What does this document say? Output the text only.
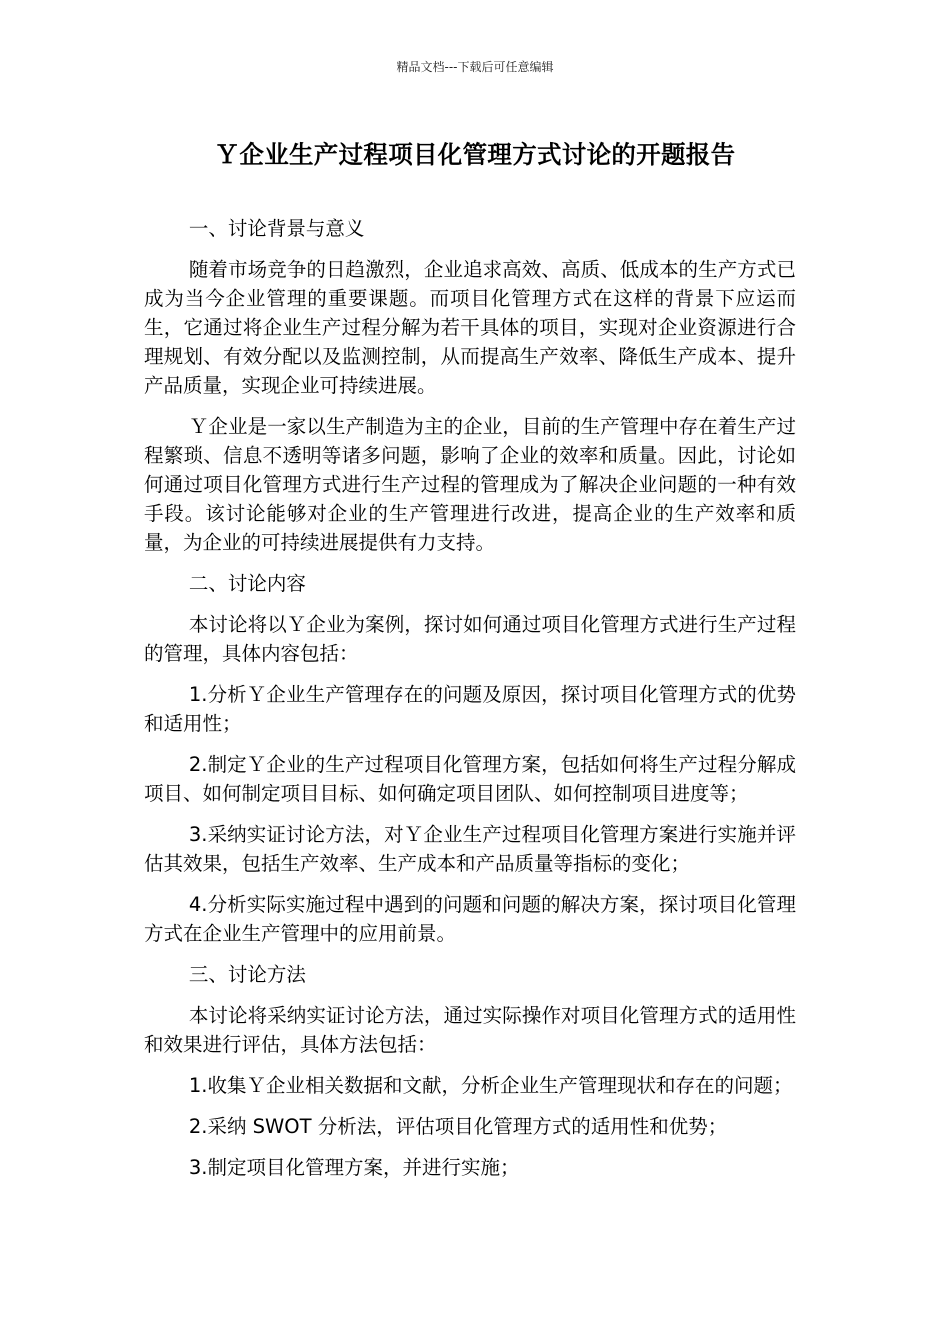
精品文档---下载后可任意编辑
Ｙ企业生产过程项目化管理方式讨论的开题报告

一、讨论背景与意义

随着市场竞争的日趋激烈，企业追求高效、高质、低成本的生产方式已成为当今企业管理的重要课题。而项目化管理方式在这样的背景下应运而生，它通过将企业生产过程分解为若干具体的项目，实现对企业资源进行合理规划、有效分配以及监测控制，从而提高生产效率、降低生产成本、提升产品质量，实现企业可持续进展。

Ｙ企业是一家以生产制造为主的企业，目前的生产管理中存在着生产过程繁琐、信息不透明等诸多问题，影响了企业的效率和质量。因此，讨论如何通过项目化管理方式进行生产过程的管理成为了解决企业问题的一种有效手段。该讨论能够对企业的生产管理进行改进，提高企业的生产效率和质量，为企业的可持续进展提供有力支持。

二、讨论内容

本讨论将以Ｙ企业为案例，探讨如何通过项目化管理方式进行生产过程的管理，具体内容包括：

1.分析Ｙ企业生产管理存在的问题及原因，探讨项目化管理方式的优势和适用性；

2.制定Ｙ企业的生产过程项目化管理方案，包括如何将生产过程分解成项目、如何制定项目目标、如何确定项目团队、如何控制项目进度等；

3.采纳实证讨论方法，对Ｙ企业生产过程项目化管理方案进行实施并评估其效果，包括生产效率、生产成本和产品质量等指标的变化；

4.分析实际实施过程中遇到的问题和问题的解决方案，探讨项目化管理方式在企业生产管理中的应用前景。

三、讨论方法

本讨论将采纳实证讨论方法，通过实际操作对项目化管理方式的适用性和效果进行评估，具体方法包括：

1.收集Ｙ企业相关数据和文献，分析企业生产管理现状和存在的问题；

2.采纳 SWOT 分析法，评估项目化管理方式的适用性和优势；

3.制定项目化管理方案，并进行实施；
